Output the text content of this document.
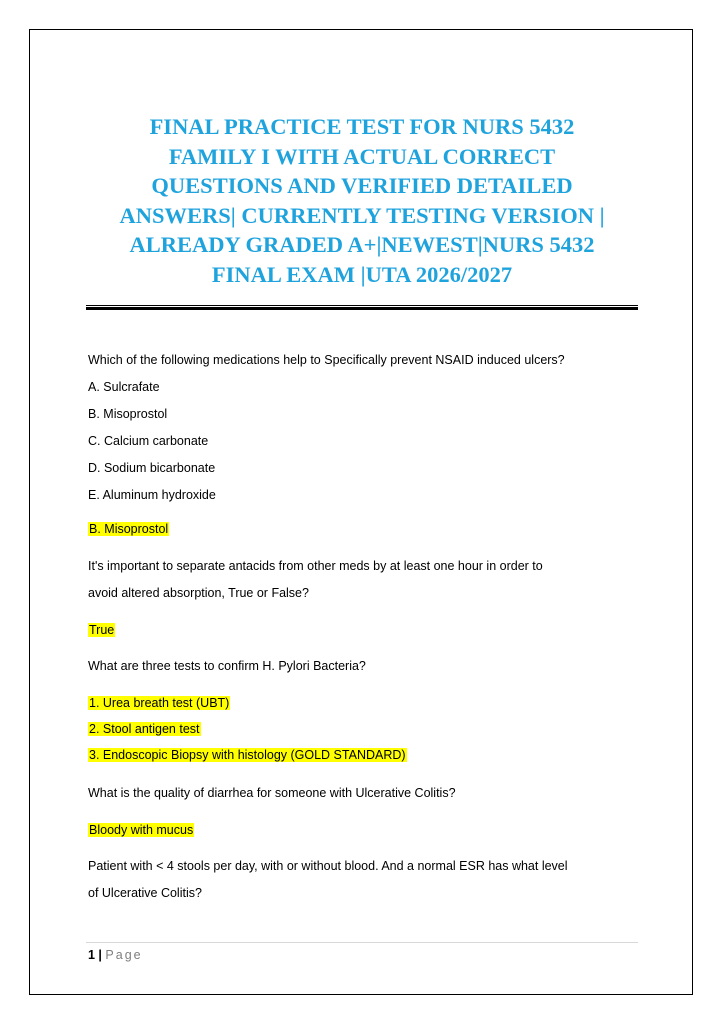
FINAL PRACTICE TEST FOR NURS 5432
FAMILY I WITH ACTUAL CORRECT
QUESTIONS AND VERIFIED DETAILED
ANSWERS| CURRENTLY TESTING VERSION |
ALREADY GRADED A+|NEWEST|NURS 5432
FINAL EXAM |UTA 2026/2027
Which of the following medications help to Specifically prevent NSAID induced ulcers?
A. Sulcrafate
B. Misoprostol
C. Calcium carbonate
D. Sodium bicarbonate
E. Aluminum hydroxide
B. Misoprostol
It's important to separate antacids from other meds by at least one hour in order to
avoid altered absorption, True or False?
True
What are three tests to confirm H. Pylori Bacteria?
1. Urea breath test (UBT)
2. Stool antigen test
3. Endoscopic Biopsy with histology (GOLD STANDARD)
What is the quality of diarrhea for someone with Ulcerative Colitis?
Bloody with mucus
Patient with < 4 stools per day, with or without blood. And a normal ESR has what level
of Ulcerative Colitis?
1 | Page
